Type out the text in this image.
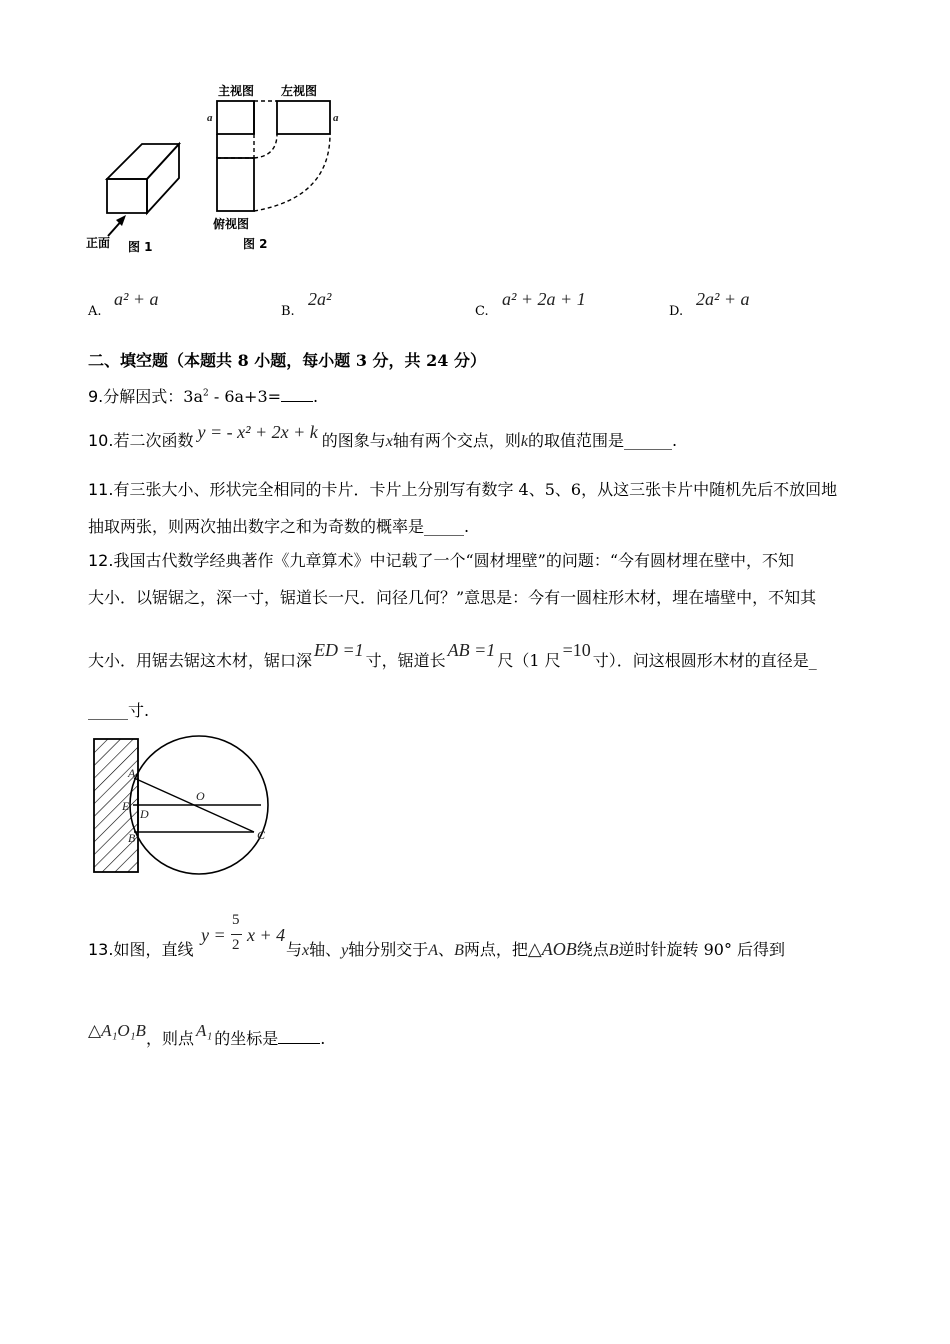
主视图 左视图
俯视图
a	a
正面 图 1	图 2
A.
a² + a
B.
2a²
C.
a² + 2a + 1
D.
2a² + a
二、填空题（本题共 8 小题，每小题 3 分，共 24 分）
9.分解因式：$3a^2 - 6a+3=$ .
10.若二次函数 y = - x² + 2x + k 的图象与x轴有两个交点，则k的取值范围是______.
11.有三张大小、形状完全相同的卡片．卡片上分别写有数字 4、5、6，从这三张卡片中随机先后不放回地
抽取两张，则两次抽出数字之和为奇数的概率是_____.
12.我国古代数学经典著作《九章算术》中记载了一个“圆材埋壁”的问题：“今有圆材埋在壁中，不知
大小．以锯锯之，深一寸，锯道长一尺．问径几何？”意思是：今有一圆柱形木材，埋在墙壁中，不知其
大小．用锯去锯这木材，锯口深ED =1寸，锯道长AB =1尺（1 尺=10寸）．问这根圆形木材的直径是_
_____寸.
A
E
D
B
O
C
13.如图，直线
y =
5
2 x + 4
与x轴、y轴分别交于A、B两点，把△AOB绕点B逆时针旋转 90° 后得到
△A₁O₁B，则点 A₁ 的坐标是	.
